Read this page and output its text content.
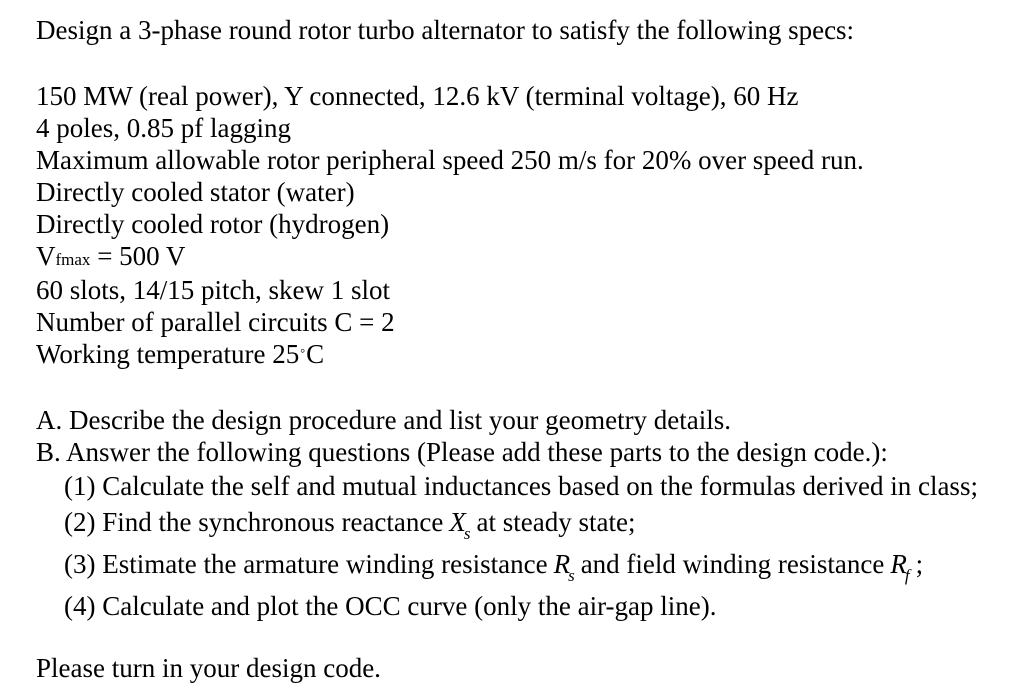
Design a 3-phase round rotor turbo alternator to satisfy the following specs:
150 MW (real power), Y connected, 12.6 kV (terminal voltage), 60 Hz
4 poles, 0.85 pf lagging
Maximum allowable rotor peripheral speed 250 m/s for 20% over speed run.
Directly cooled stator (water)
Directly cooled rotor (hydrogen)
Vfmax = 500 V
60 slots, 14/15 pitch, skew 1 slot
Number of parallel circuits C = 2
Working temperature 25°C
A. Describe the design procedure and list your geometry details.
B. Answer the following questions (Please add these parts to the design code.):
(1) Calculate the self and mutual inductances based on the formulas derived in class;
(2) Find the synchronous reactance $X_s$ at steady state;
(3) Estimate the armature winding resistance $R_s$ and field winding resistance $R_f$ ;
(4) Calculate and plot the OCC curve (only the air-gap line).
Please turn in your design code.
